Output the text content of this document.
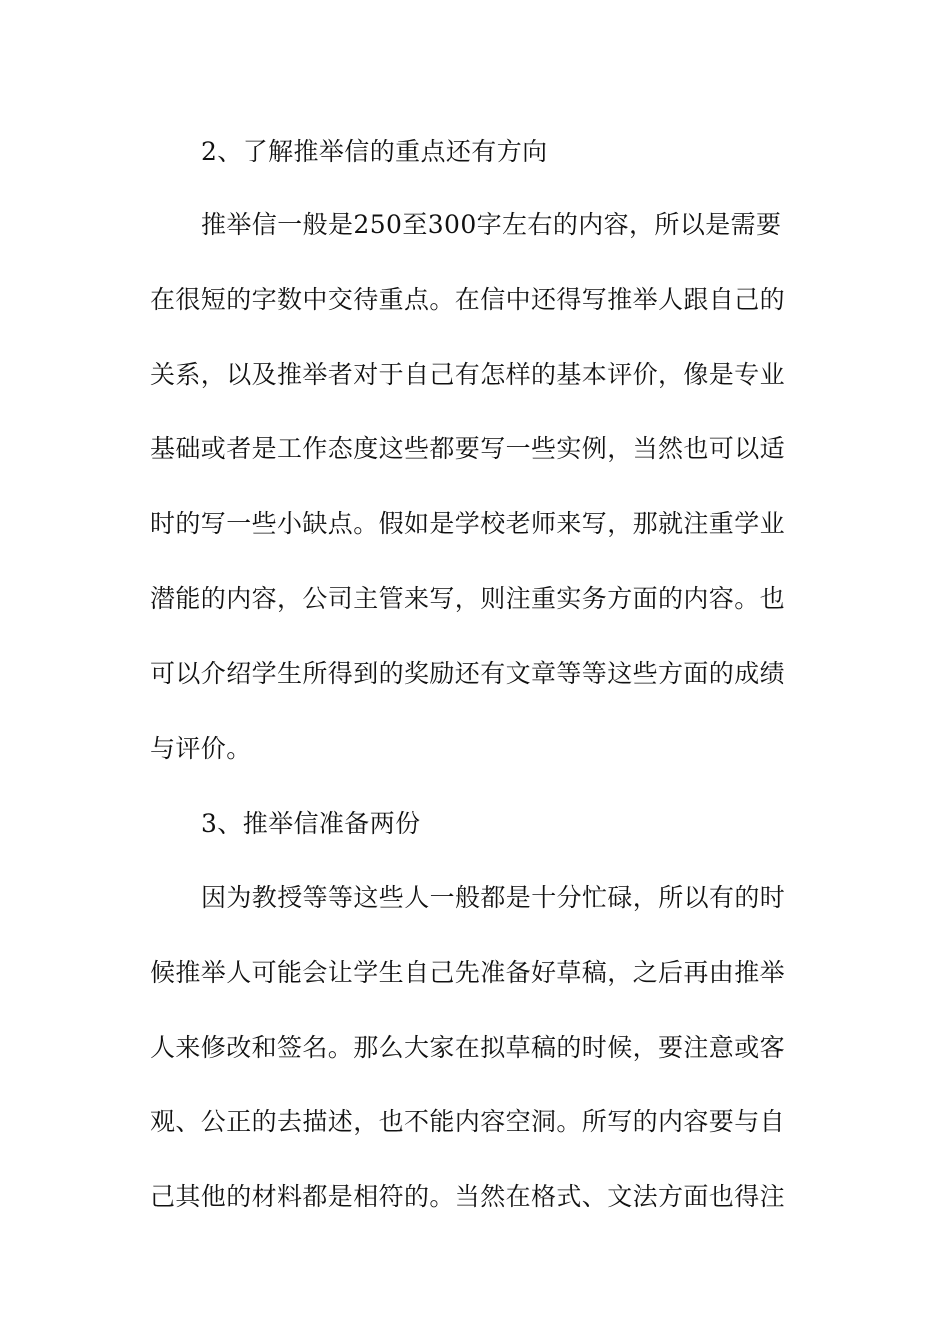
2、了解推举信的重点还有方向
推举信一般是250至300字左右的内容，所以是需要
在很短的字数中交待重点。在信中还得写推举人跟自己的
关系，以及推举者对于自己有怎样的基本评价，像是专业
基础或者是工作态度这些都要写一些实例，当然也可以适
时的写一些小缺点。假如是学校老师来写，那就注重学业
潜能的内容，公司主管来写，则注重实务方面的内容。也
可以介绍学生所得到的奖励还有文章等等这些方面的成绩
与评价。
3、推举信准备两份
因为教授等等这些人一般都是十分忙碌，所以有的时
候推举人可能会让学生自己先准备好草稿，之后再由推举
人来修改和签名。那么大家在拟草稿的时候，要注意或客
观、公正的去描述，也不能内容空洞。所写的内容要与自
己其他的材料都是相符的。当然在格式、文法方面也得注
